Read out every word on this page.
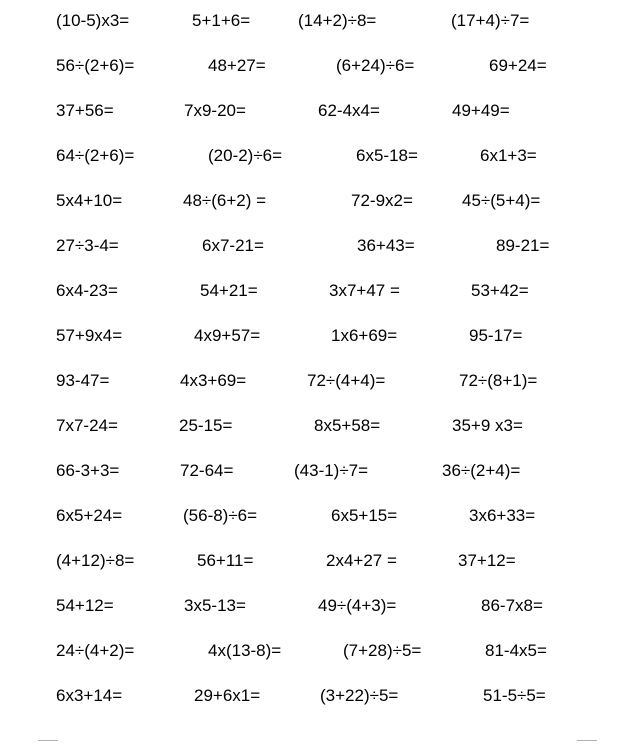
(10-5)x3=	5+1+6=	(14+2)÷8=	(17+4)÷7=
56÷(2+6)=	48+27=	(6+24)÷6=	69+24=
37+56=	7x9-20=	62-4x4=	49+49=
64÷(2+6)=	(20-2)÷6=	6x5-18=	6x1+3=
5x4+10=	48÷(6+2) =	72-9x2=	45÷(5+4)=
27÷3-4=	6x7-21=	36+43=	89-21=
6x4-23=	54+21=	3x7+47 =	53+42=
57+9x4=	4x9+57=	1x6+69=	95-17=
93-47=	4x3+69=	72÷(4+4)=	72÷(8+1)=
7x7-24=	25-15=	8x5+58=	35+9 x3=
66-3+3=	72-64=	(43-1)÷7=	36÷(2+4)=
6x5+24=	(56-8)÷6=	6x5+15=	3x6+33=
(4+12)÷8=	56+11=	2x4+27 =	37+12=
54+12=	3x5-13=	49÷(4+3)=	86-7x8=
24÷(4+2)=	4x(13-8)=	(7+28)÷5=	81-4x5=
6x3+14=	29+6x1=	(3+22)÷5=	51-5÷5=
